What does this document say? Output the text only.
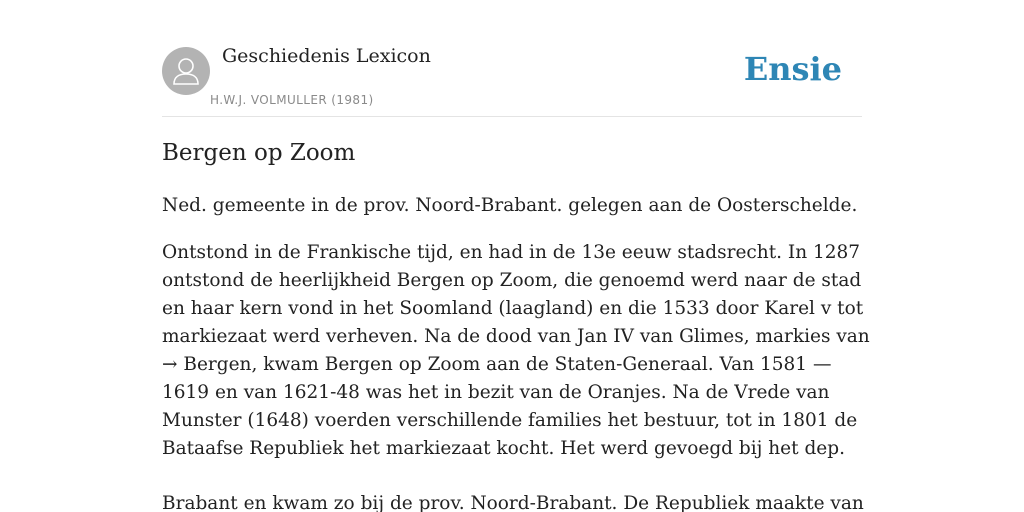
Geschiedenis Lexicon
H.W.J. VOLMULLER (1981)
Ensie
Bergen op Zoom

Ned. gemeente in de prov. Noord-Brabant. gelegen aan de Oosterschelde.

Ontstond in de Frankische tijd, en had in de 13e eeuw stadsrecht. In 1287 ontstond de heerlijkheid Bergen op Zoom, die genoemd werd naar de stad en haar kern vond in het Soomland (laagland) en die 1533 door Karel v tot markiezaat werd verheven. Na de dood van Jan IV van Glimes, markies van → Bergen, kwam Bergen op Zoom aan de Staten-Generaal. Van 1581 — 1619 en van 1621-48 was het in bezit van de Oranjes. Na de Vrede van Munster (1648) voerden verschillende families het bestuur, tot in 1801 de Bataafse Republiek het markiezaat kocht. Het werd gevoegd bij het dep.

Brabant en kwam zo bij de prov. Noord-Brabant. De Republiek maakte van
